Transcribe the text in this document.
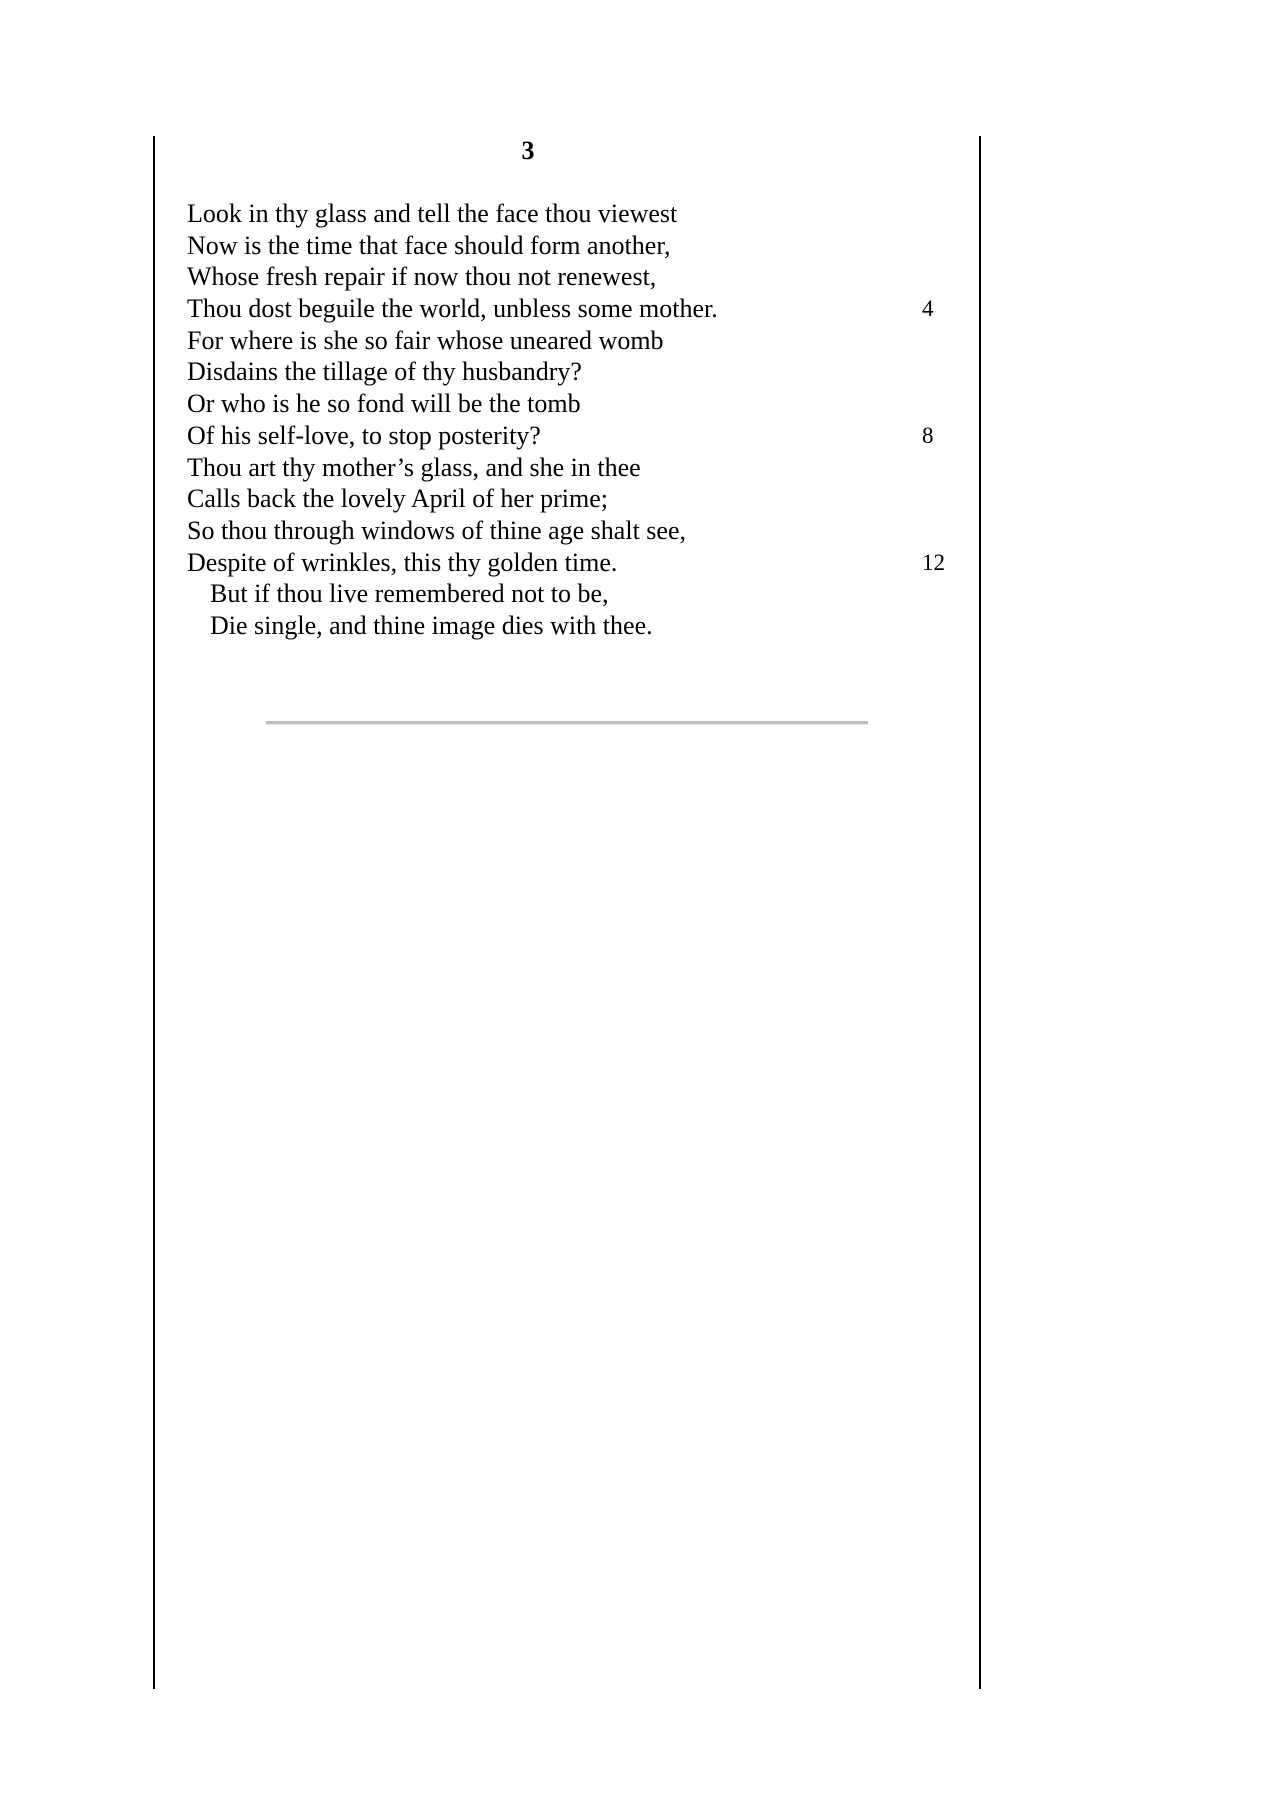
3
Look in thy glass and tell the face thou viewest
Now is the time that face should form another,
Whose fresh repair if now thou not renewest,
Thou dost beguile the world, unbless some mother.	4
For where is she so fair whose uneared womb
Disdains the tillage of thy husbandry?
Or who is he so fond will be the tomb
Of his self-love, to stop posterity?	8
Thou art thy mother’s glass, and she in thee
Calls back the lovely April of her prime;
So thou through windows of thine age shalt see,
Despite of wrinkles, this thy golden time.	12
But if thou live remembered not to be,
Die single, and thine image dies with thee.
